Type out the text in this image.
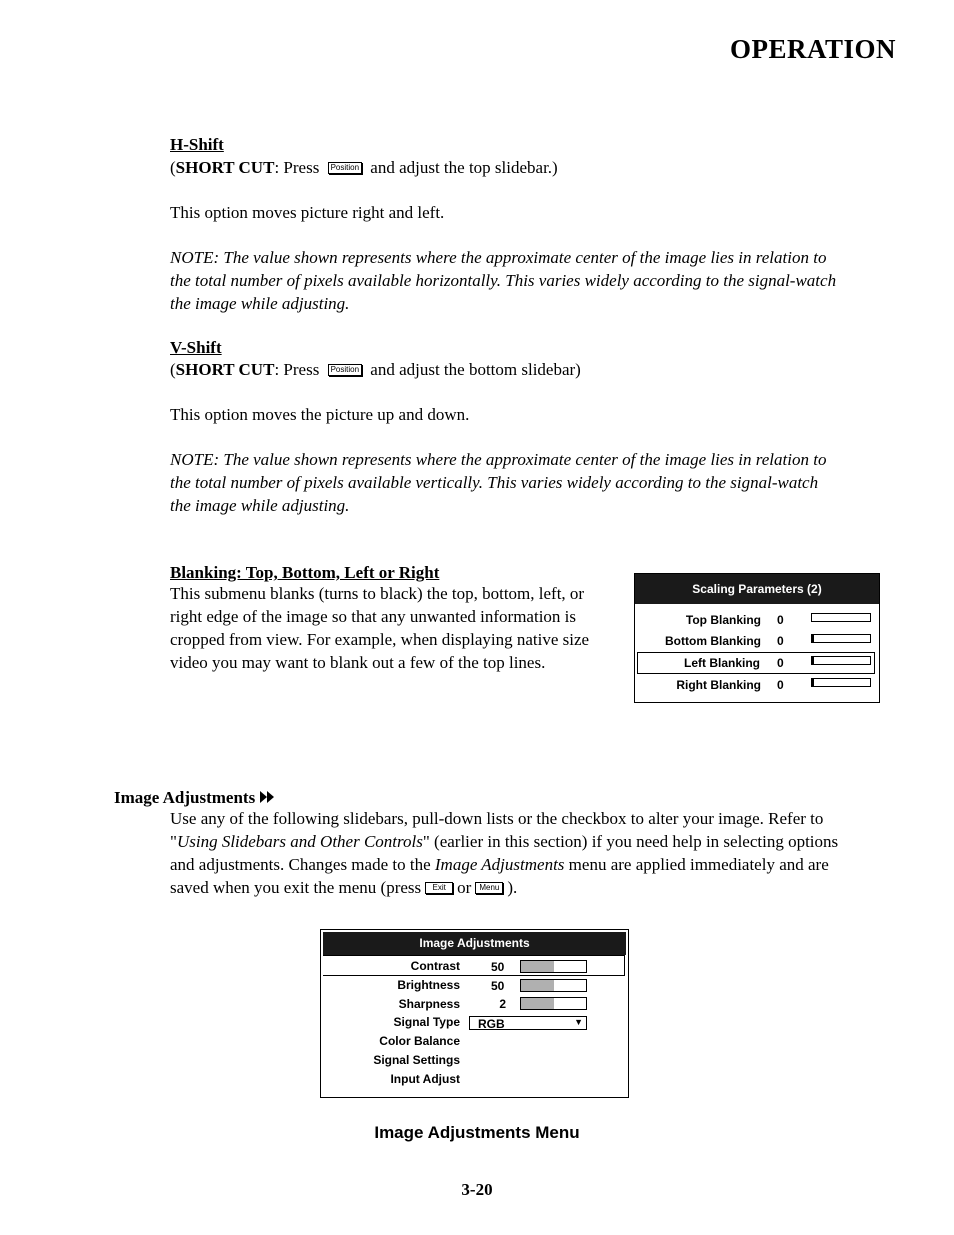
OPERATION
H-Shift
(SHORT CUT: Press Position and adjust the top slidebar.)
This option moves picture right and left.
NOTE: The value shown represents where the approximate center of the image lies in relation to
the total number of pixels available horizontally. This varies widely according to the signal-watch
the image while adjusting.
V-Shift
(SHORT CUT: Press Position and adjust the bottom slidebar)
This option moves the picture up and down.
NOTE: The value shown represents where the approximate center of the image lies in relation to
the total number of pixels available vertically. This varies widely according to the signal-watch
the image while adjusting.
Blanking: Top, Bottom, Left or Right
This submenu blanks (turns to black) the top, bottom, left, or
right edge of the image so that any unwanted information is
cropped from view. For example, when displaying native size
video you may want to blank out a few of the top lines.
Scaling Parameters (2)
Top Blanking 0
Bottom Blanking 0
Left Blanking 0
Right Blanking 0
Image Adjustments
Use any of the following slidebars, pull-down lists or the checkbox to alter your image. Refer to
"Using Slidebars and Other Controls" (earlier in this section) if you need help in selecting options
and adjustments. Changes made to the Image Adjustments menu are applied immediately and are
saved when you exit the menu (press Exit or Menu ).
Image Adjustments
Contrast	50
Brightness	50
Sharpness	2
Signal Type RGB	▼
Color Balance
Signal Settings
Input Adjust
Image Adjustments Menu
3-20
